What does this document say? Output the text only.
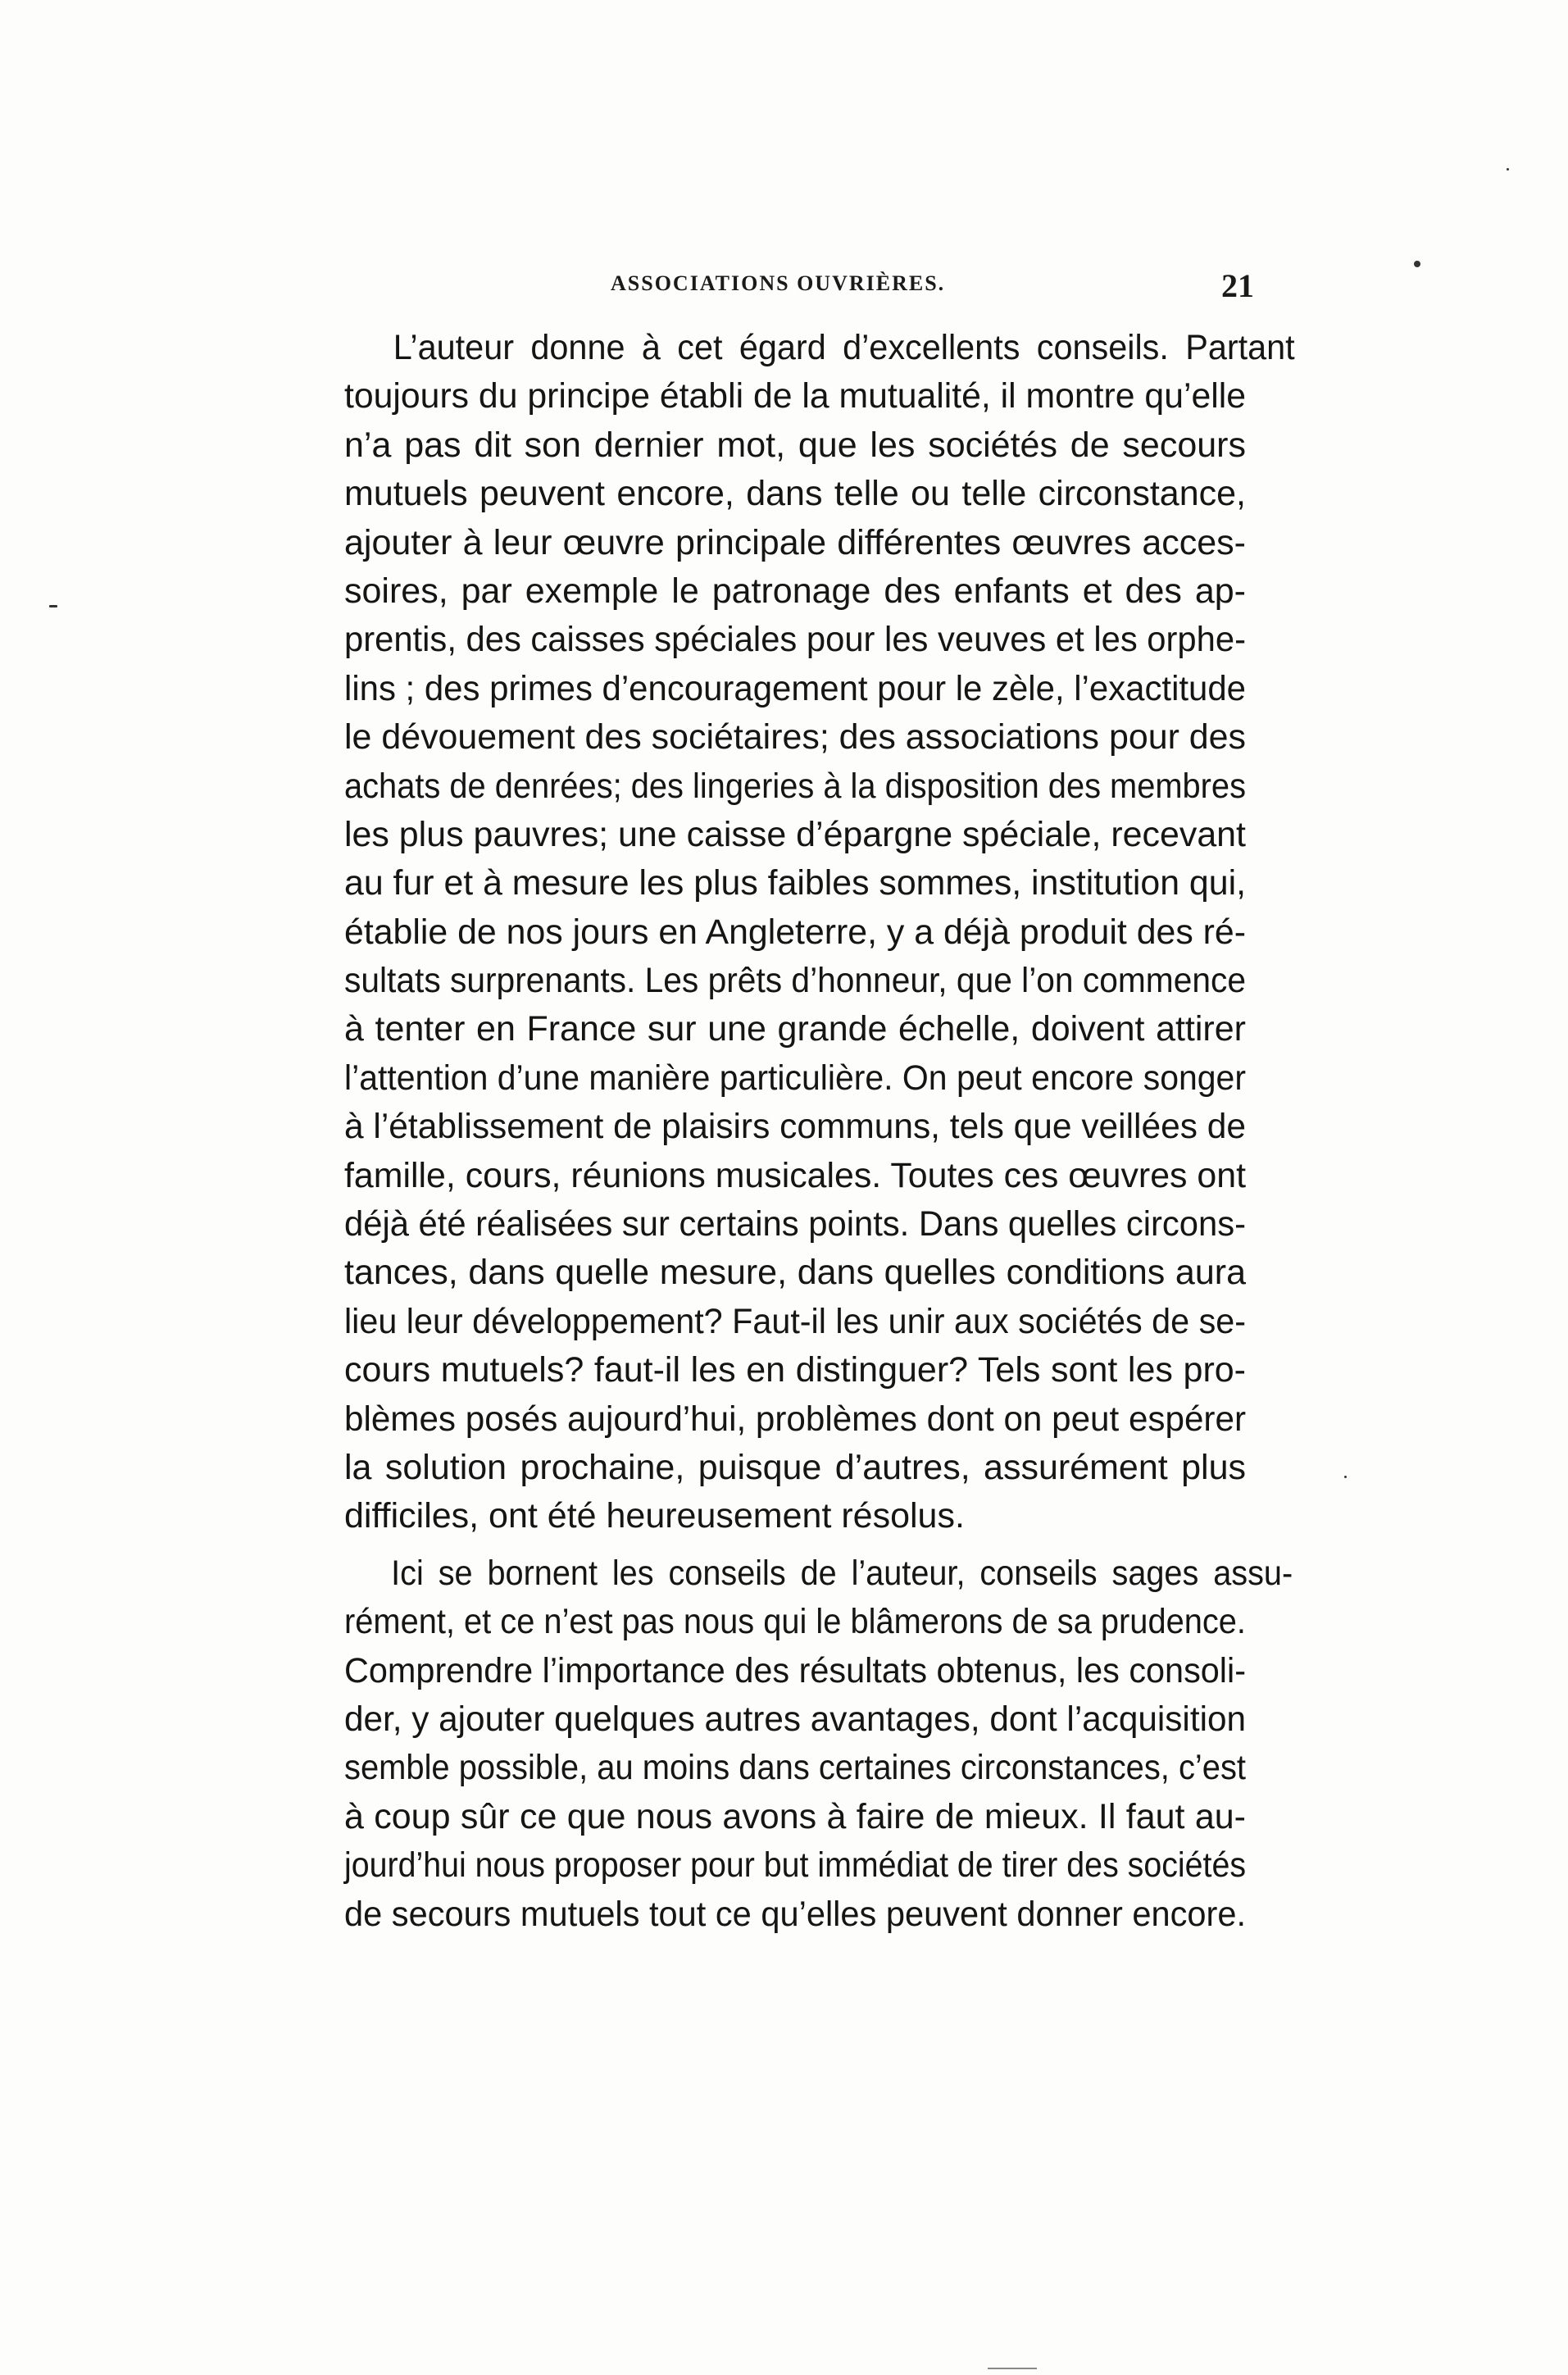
ASSOCIATIONS OUVRIÈRES.	21
L’auteur donne à cet égard d’excellents conseils. Partant
toujours du principe établi de la mutualité, il montre qu’elle
n’a pas dit son dernier mot, que les sociétés de secours
mutuels peuvent encore, dans telle ou telle circonstance,
ajouter à leur œuvre principale différentes œuvres acces-
soires, par exemple le patronage des enfants et des ap-
prentis, des caisses spéciales pour les veuves et les orphe-
lins ; des primes d’encouragement pour le zèle, l’exactitude
le dévouement des sociétaires; des associations pour des
achats de denrées; des lingeries à la disposition des membres
les plus pauvres; une caisse d’épargne spéciale, recevant
au fur et à mesure les plus faibles sommes, institution qui,
établie de nos jours en Angleterre, y a déjà produit des ré-
sultats surprenants. Les prêts d’honneur, que l’on commence
à tenter en France sur une grande échelle, doivent attirer
l’attention d’une manière particulière. On peut encore songer
à l’établissement de plaisirs communs, tels que veillées de
famille, cours, réunions musicales. Toutes ces œuvres ont
déjà été réalisées sur certains points. Dans quelles circons-
tances, dans quelle mesure, dans quelles conditions aura
lieu leur développement? Faut-il les unir aux sociétés de se-
cours mutuels? faut-il les en distinguer? Tels sont les pro-
blèmes posés aujourd’hui, problèmes dont on peut espérer
la solution prochaine, puisque d’autres, assurément plus
difficiles, ont été heureusement résolus.
Ici se bornent les conseils de l’auteur, conseils sages assu-
rément, et ce n’est pas nous qui le blâmerons de sa prudence.
Comprendre l’importance des résultats obtenus, les consoli-
der, y ajouter quelques autres avantages, dont l’acquisition
semble possible, au moins dans certaines circonstances, c’est
à coup sûr ce que nous avons à faire de mieux. Il faut au-
jourd’hui nous proposer pour but immédiat de tirer des sociétés
de secours mutuels tout ce qu’elles peuvent donner encore.
